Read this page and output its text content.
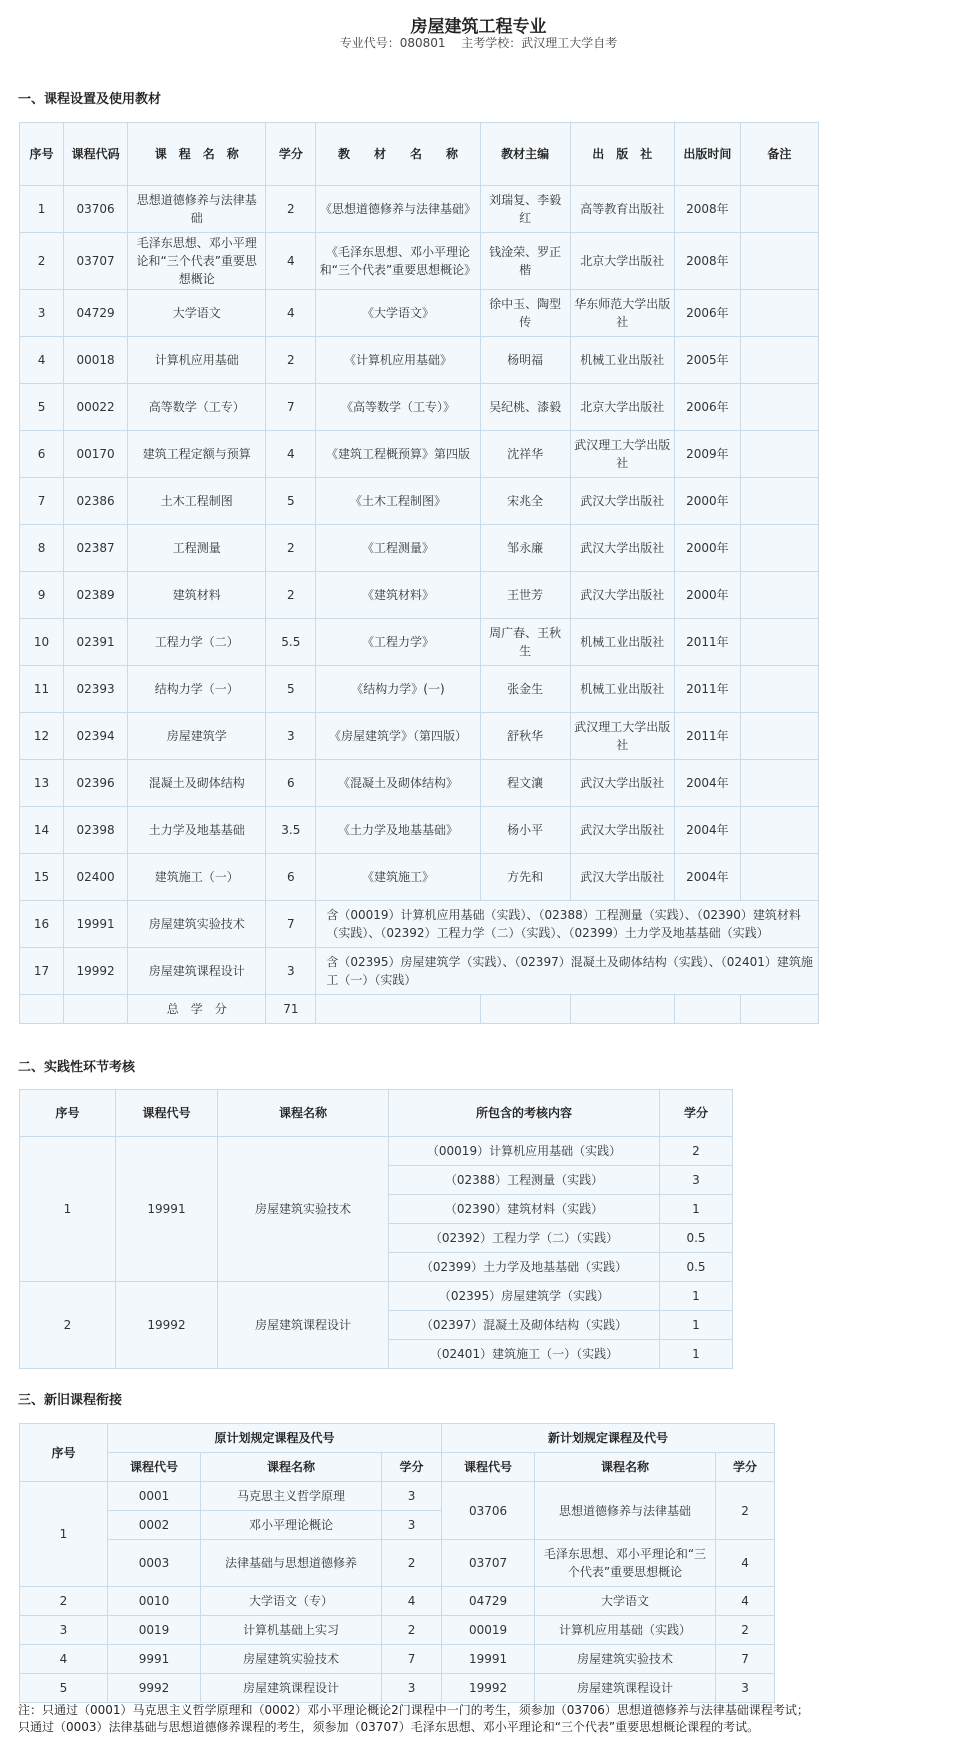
房屋建筑工程专业
专业代号：080801　 主考学校：武汉理工大学自考
一、课程设置及使用教材
序号	课程代码	课　程　名　称	学分	教　　材　　名　　称	教材主编	出　版　社	出版时间	备注
1	03706	思想道德修养与法律基础	2	《思想道德修养与法律基础》	刘瑞复、李毅红	高等教育出版社	2008年	
2	03707	毛泽东思想、邓小平理论和“三个代表”重要思想概论	4	《毛泽东思想、邓小平理论和“三个代表”重要思想概论》	钱淦荣、罗正楷	北京大学出版社	2008年	
3	04729	大学语文	4	《大学语文》	徐中玉、陶型传	华东师范大学出版社	2006年	
4	00018	计算机应用基础	2	《计算机应用基础》	杨明福	机械工业出版社	2005年	
5	00022	高等数学（工专）	7	《高等数学（工专）》	吴纪桃、漆毅	北京大学出版社	2006年	
6	00170	建筑工程定额与预算	4	《建筑工程概预算》第四版	沈祥华	武汉理工大学出版社	2009年	
7	02386	土木工程制图	5	《土木工程制图》	宋兆全	武汉大学出版社	2000年	
8	02387	工程测量	2	《工程测量》	邹永廉	武汉大学出版社	2000年	
9	02389	建筑材料	2	《建筑材料》	王世芳	武汉大学出版社	2000年	
10	02391	工程力学（二）	5.5	《工程力学》	周广春、王秋生	机械工业出版社	2011年	
11	02393	结构力学（一）	5	《结构力学》(一)	张金生	机械工业出版社	2011年	
12	02394	房屋建筑学	3	《房屋建筑学》（第四版）	舒秋华	武汉理工大学出版社	2011年	
13	02396	混凝土及砌体结构	6	《混凝土及砌体结构》	程文瀼	武汉大学出版社	2004年	
14	02398	土力学及地基基础	3.5	《土力学及地基基础》	杨小平	武汉大学出版社	2004年	
15	02400	建筑施工（一）	6	《建筑施工》	方先和	武汉大学出版社	2004年	
16	19991	房屋建筑实验技术	7	含（00019）计算机应用基础（实践）、（02388）工程测量（实践）、（02390）建筑材料（实践）、（02392）工程力学（二）（实践）、（02399）土力学及地基基础（实践）				
17	19992	房屋建筑课程设计	3	含（02395）房屋建筑学（实践）、（02397）混凝土及砌体结构（实践）、（02401）建筑施工（一）（实践）				
		总　学　分	71					
二、实践性环节考核
序号	课程代号	课程名称	所包含的考核内容	学分
1	19991	房屋建筑实验技术	（00019）计算机应用基础（实践）	2
			（02388）工程测量（实践）	3
			（02390）建筑材料（实践）	1
			（02392）工程力学（二）（实践）	0.5
			（02399）土力学及地基基础（实践）	0.5
2	19992	房屋建筑课程设计	（02395）房屋建筑学（实践）	1
			（02397）混凝土及砌体结构（实践）	1
			（02401）建筑施工（一）（实践）	1
三、新旧课程衔接
序号	原计划规定课程及代号			新计划规定课程及代号		
	课程代号	课程名称	学分	课程代号	课程名称	学分
1	0001	马克思主义哲学原理	3	03706	思想道德修养与法律基础	2
	0002	邓小平理论概论	3			
	0003	法律基础与思想道德修养	2	03707	毛泽东思想、邓小平理论和“三个代表”重要思想概论	4
2	0010	大学语文（专）	4	04729	大学语文	4
3	0019	计算机基础上实习	2	00019	计算机应用基础（实践）	2
4	9991	房屋建筑实验技术	7	19991	房屋建筑实验技术	7
5	9992	房屋建筑课程设计	3	19992	房屋建筑课程设计	3
注：只通过（0001）马克思主义哲学原理和（0002）邓小平理论概论2门课程中一门的考生，须参加（03706）思想道德修养与法律基础课程考试；
只通过（0003）法律基础与思想道德修养课程的考生，须参加（03707）毛泽东思想、邓小平理论和“三个代表”重要思想概论课程的考试。
